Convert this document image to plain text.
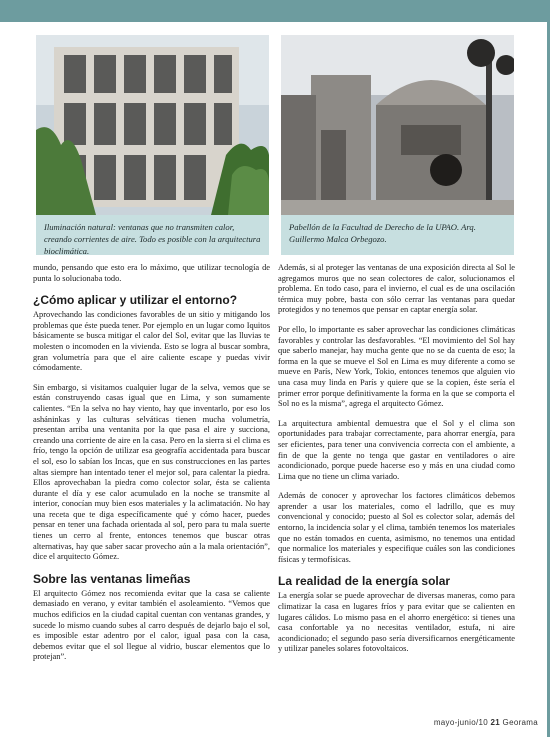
Iluminación natural: ventanas que no transmiten calor, creando corrientes de aire. Todo es posible con la arquitectura bioclimática.
Pabellón de la Facultad de Derecho de la UPAO. Arq. Guillermo Malca Orbegozo.

mundo, pensando que esto era lo máximo, que utilizar tecnología de punta lo solucionaba todo.

¿Cómo aplicar y utilizar el entorno?

Aprovechando las condiciones favorables de un sitio y mitigando los problemas que éste pueda tener. Por ejemplo en un lugar como Iquitos básicamente se busca mitigar el calor del Sol, evitar que las lluvias te molesten o incomoden en la vivienda. Esto se logra al buscar sombra, gran volumetría para que el aire caliente escape y puedas vivir cómodamente.

Sin embargo, si visitamos cualquier lugar de la selva, vemos que se están construyendo casas igual que en Lima, y son sumamente calientes. “En la selva no hay viento, hay que inventarlo, por eso los asháninkas y las culturas selváticas tienen mucha volumetría, presentan arriba una ventanita por la que pasa el aire y succiona, creando una corriente de aire en la casa. Pero en la sierra si el clima es frío, tengo la opción de utilizar esa geografía accidentada para buscar el sol, eso lo sabían los Incas, que en sus construcciones en las partes altas siempre han intentado tener el mejor sol, para calentar la piedra. Ellos aprovechaban la piedra como colector solar, ésta se calienta durante el día y ese calor acumulado en la noche se transmite al interior, conocían muy bien esos materiales y la aclimatación. No hay una receta que te diga específicamente qué y cómo hacer, puedes pensar en tener una fachada orientada al sol, pero para tu mala suerte tienes un cerro al frente, entonces tenemos que buscar otras alternativas, hay que saber sacar provecho aún a la mala orientación”, dice el arquitecto Gómez.

Sobre las ventanas limeñas

El arquitecto Gómez nos recomienda evitar que la casa se caliente demasiado en verano, y evitar también el asoleamiento. “Vemos que muchos edificios en la ciudad capital cuentan con ventanas grandes, y sucede lo mismo cuando subes al carro después de dejarlo bajo el sol, es imposible estar adentro por el calor, igual pasa con la casa, debemos evitar que el sol llegue al vidrio, buscar elementos que lo protejan”.

Además, si al proteger las ventanas de una exposición directa al Sol le agregamos muros que no sean colectores de calor, solucionamos el problema. En todo caso, para el invierno, el cual es de una oscilación térmica muy pobre, basta con sólo cerrar las ventanas para quedar protegidos y no tenemos que pensar en captar energía solar.

Por ello, lo importante es saber aprovechar las condiciones climáticas favorables y controlar las desfavorables. “El movimiento del Sol hay que saberlo manejar, hay mucha gente que no se da cuenta de eso; la forma en la que se mueve el Sol en Lima es muy diferente a como se mueve en París, New York, Tokio, entonces tenemos que alguien vio una casa muy linda en París y quiere que se la copien, éste sería el primer error porque definitivamente la forma en la que se comporta el Sol no es la misma”, agrega el arquitecto Gómez.

La arquitectura ambiental demuestra que el Sol y el clima son oportunidades para trabajar correctamente, para ahorrar energía, para ser eficientes, para tener una convivencia correcta con el ambiente, a fin de que la gente no tenga que gastar en ventiladores o aire acondicionado, porque puede hacerse eso y más en una ciudad como Lima que no tiene un clima variado.

Además de conocer y aprovechar los factores climáticos debemos aprender a usar los materiales, como el ladrillo, que es muy convencional y conocido; puesto al Sol es colector solar, además del entorno, la incidencia solar y el clima, también tenemos los materiales que no están tomados en cuenta, asimismo, no tenemos una entidad que normalice los materiales y especifique cuáles son las condiciones físicas y termofísicas.

La realidad de la energía solar

La energía solar se puede aprovechar de diversas maneras, como para climatizar la casa en lugares fríos y para evitar que se calienten en lugares cálidos. Lo mismo pasa en el ahorro energético: si tienes una casa confortable ya no necesitas ventilador, estufa, ni aire acondicionado; el segundo paso sería diversificarnos energéticamente y utilizar paneles solares fotovoltaicos.

mayo-junio/10 21 Georama
